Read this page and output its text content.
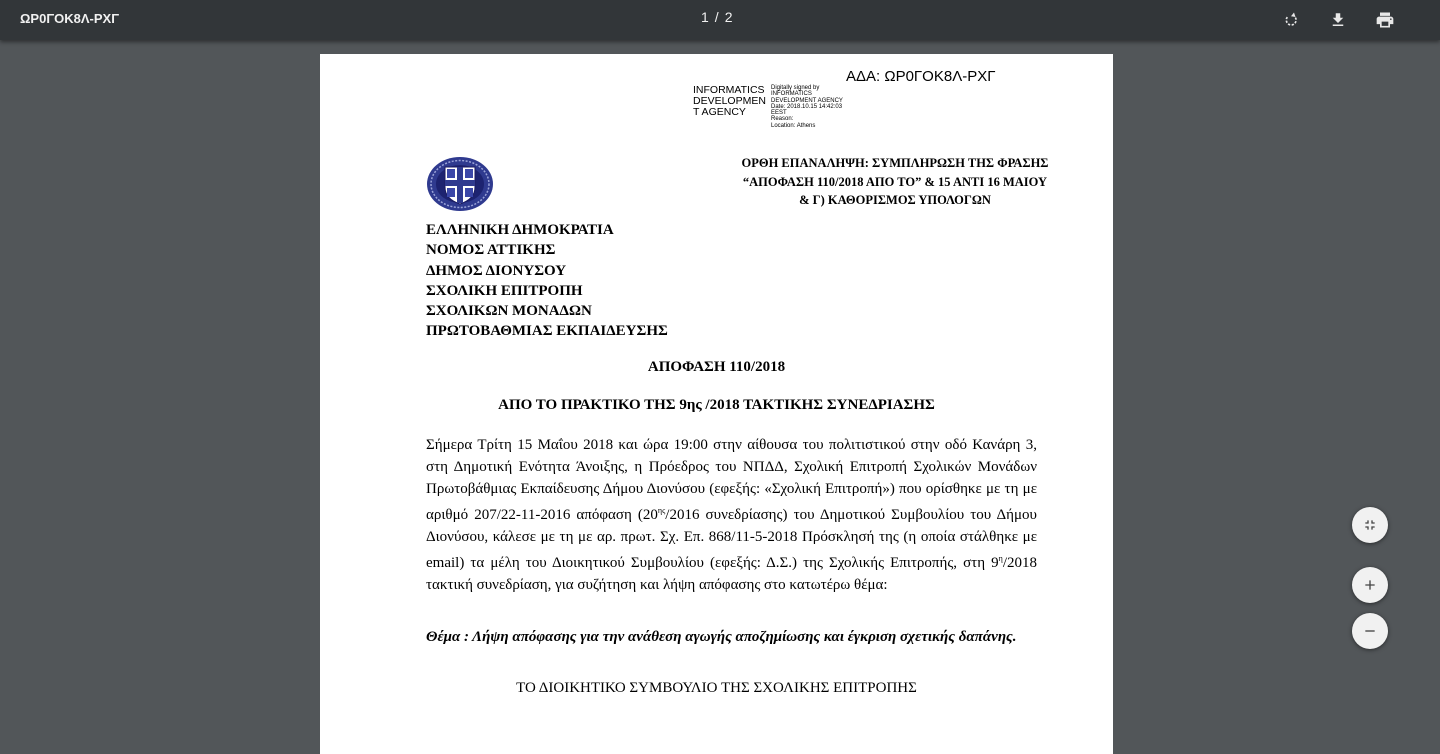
ΩΡ0ΓΟΚ8Λ-ΡΧΓ	1 / 2
ΑΔΑ: ΩΡ0ΓΟΚ8Λ-ΡΧΓ
INFORMATICS
DEVELOPMEN
T AGENCY
Digitally signed by
INFORMATICS
DEVELOPMENT AGENCY
Date: 2018.10.15 14:42:03
EEST
Reason:
Location: Athens
ΟΡΘΗ ΕΠΑΝΑΛΗΨΗ: ΣΥΜΠΛΗΡΩΣΗ ΤΗΣ ΦΡΑΣΗΣ
“ΑΠΟΦΑΣΗ 110/2018 ΑΠΟ ΤΟ” & 15 ΑΝΤΙ 16 ΜΑΙΟΥ
& Γ) ΚΑΘΟΡΙΣΜΟΣ ΥΠΟΛΟΓΩΝ
ΕΛΛΗΝΙΚΗ ΔΗΜΟΚΡΑΤΙΑ
ΝΟΜΟΣ ΑΤΤΙΚΗΣ
ΔΗΜΟΣ ΔΙΟΝΥΣΟΥ
ΣΧΟΛΙΚΗ ΕΠΙΤΡΟΠΗ
ΣΧΟΛΙΚΩΝ ΜΟΝΑΔΩΝ
ΠΡΩΤΟΒΑΘΜΙΑΣ ΕΚΠΑΙΔΕΥΣΗΣ
ΑΠΟΦΑΣΗ 110/2018
ΑΠΟ ΤΟ ΠΡΑΚΤΙΚΟ ΤΗΣ 9ης /2018 ΤΑΚΤΙΚΗΣ ΣΥΝΕΔΡΙΑΣΗΣ
Σήμερα Τρίτη 15 Μαΐου 2018 και ώρα 19:00 στην αίθουσα του πολιτιστικού στην οδό Κανάρη 3, στη Δημοτική Ενότητα Άνοιξης, η Πρόεδρος του ΝΠΔΔ, Σχολική Επιτροπή Σχολικών Μονάδων Πρωτοβάθμιας Εκπαίδευσης Δήμου Διονύσου (εφεξής: «Σχολική Επιτροπή») που ορίσθηκε με τη με αριθμό 207/22-11-2016 απόφαση ($20^{\eta\varsigma}/2016$ συνεδρίασης) του Δημοτικού Συμβουλίου του Δήμου Διονύσου, κάλεσε με τη με αρ. πρωτ. Σχ. Επ. 868/11-5-2018 Πρόσκλησή της (η οποία στάλθηκε με email) τα μέλη του Διοικητικού Συμβουλίου (εφεξής: Δ.Σ.) της Σχολικής Επιτροπής, στη $9^\eta/2018$ τακτική συνεδρίαση, για συζήτηση και λήψη απόφασης στο κατωτέρω θέμα:
Θέμα : Λήψη απόφασης για την ανάθεση αγωγής αποζημίωσης και έγκριση σχετικής δαπάνης.
ΤΟ ΔΙΟΙΚΗΤΙΚΟ ΣΥΜΒΟΥΛΙΟ ΤΗΣ ΣΧΟΛΙΚΗΣ ΕΠΙΤΡΟΠΗΣ
